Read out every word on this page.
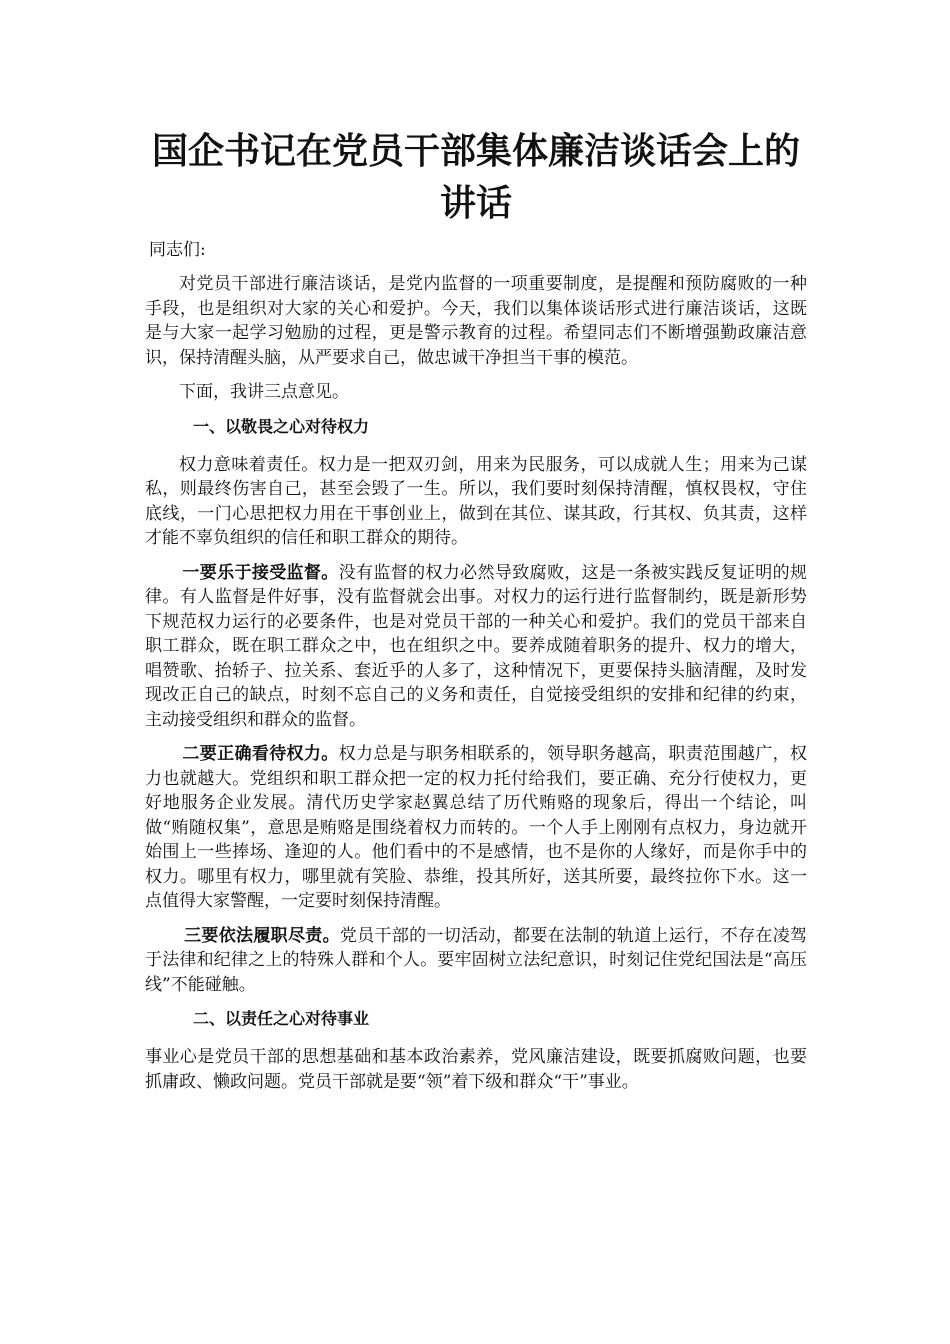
国企书记在党员干部集体廉洁谈话会上的
讲话
同志们:

对党员干部进行廉洁谈话，是党内监督的一项重要制度，是提醒和预防腐败的一种手段，也是组织对大家的关心和爱护。今天，我们以集体谈话形式进行廉洁谈话，这既是与大家一起学习勉励的过程，更是警示教育的过程。希望同志们不断增强勤政廉洁意识，保持清醒头脑，从严要求自己，做忠诚干净担当干事的模范。

下面，我讲三点意见。

一、以敬畏之心对待权力

权力意味着责任。权力是一把双刃剑，用来为民服务，可以成就人生；用来为己谋私，则最终伤害自己，甚至会毁了一生。所以，我们要时刻保持清醒，慎权畏权，守住底线，一门心思把权力用在干事创业上，做到在其位、谋其政，行其权、负其责，这样才能不辜负组织的信任和职工群众的期待。

一要乐于接受监督。没有监督的权力必然导致腐败，这是一条被实践反复证明的规律。有人监督是件好事，没有监督就会出事。对权力的运行进行监督制约，既是新形势下规范权力运行的必要条件，也是对党员干部的一种关心和爱护。我们的党员干部来自职工群众，既在职工群众之中，也在组织之中。要养成随着职务的提升、权力的增大，唱赞歌、抬轿子、拉关系、套近乎的人多了，这种情况下，更要保持头脑清醒，及时发现改正自己的缺点，时刻不忘自己的义务和责任，自觉接受组织的安排和纪律的约束，主动接受组织和群众的监督。

二要正确看待权力。权力总是与职务相联系的，领导职务越高，职责范围越广，权力也就越大。党组织和职工群众把一定的权力托付给我们，要正确、充分行使权力，更好地服务企业发展。清代历史学家赵翼总结了历代贿赂的现象后，得出一个结论，叫做“贿随权集”，意思是贿赂是围绕着权力而转的。一个人手上刚刚有点权力，身边就开始围上一些捧场、逢迎的人。他们看中的不是感情，也不是你的人缘好，而是你手中的权力。哪里有权力，哪里就有笑脸、恭维，投其所好，送其所要，最终拉你下水。这一点值得大家警醒，一定要时刻保持清醒。

三要依法履职尽责。党员干部的一切活动，都要在法制的轨道上运行，不存在凌驾于法律和纪律之上的特殊人群和个人。要牢固树立法纪意识，时刻记住党纪国法是“高压线”不能碰触。

二、以责任之心对待事业

事业心是党员干部的思想基础和基本政治素养，党风廉洁建设，既要抓腐败问题，也要抓庸政、懒政问题。党员干部就是要“领”着下级和群众“干”事业。
